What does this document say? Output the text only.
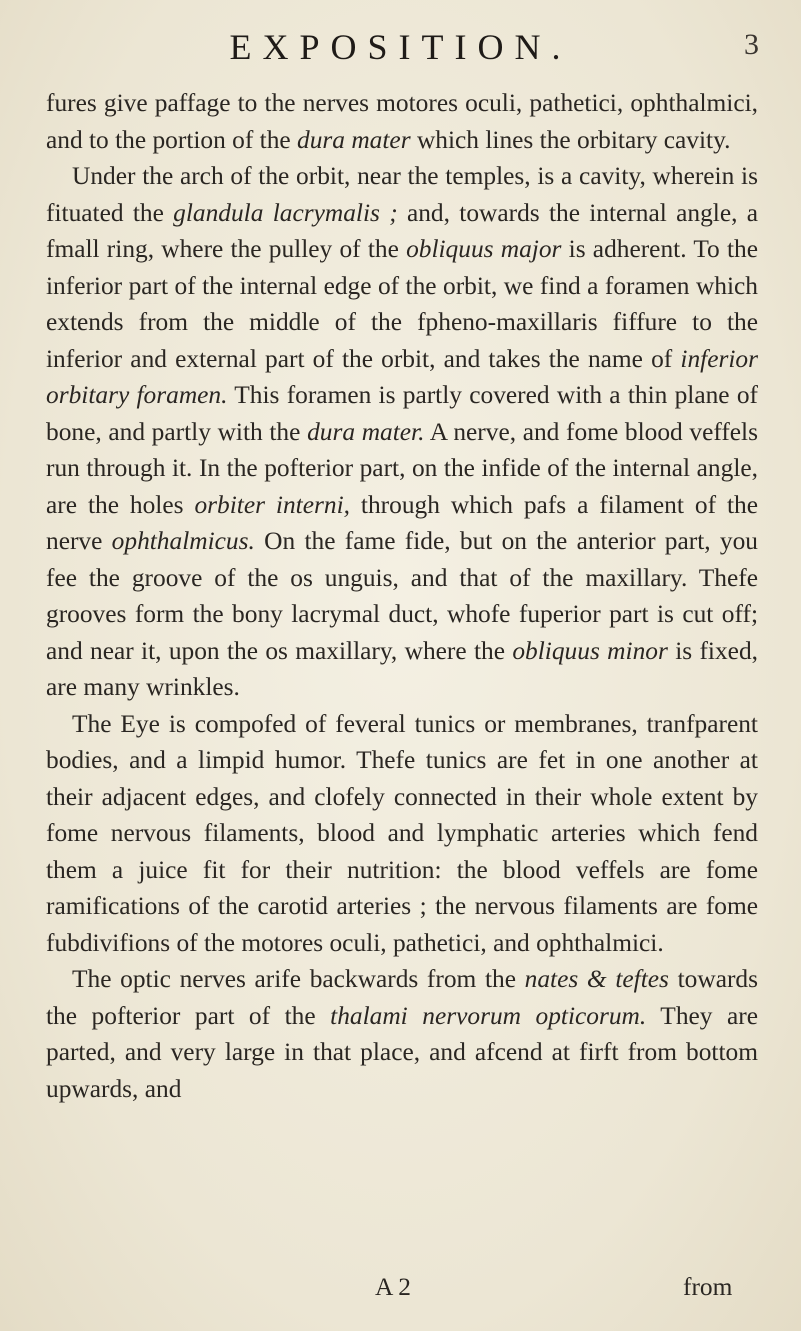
EXPOSITION.	3

fures give paffage to the nerves motores oculi, pathetici, ophthalmici, and to the portion of the dura mater which lines the orbitary cavity.

Under the arch of the orbit, near the temples, is a cavity, wherein is fituated the glandula lacrymalis ; and, towards the internal angle, a fmall ring, where the pulley of the obliquus major is adherent. To the inferior part of the internal edge of the orbit, we find a foramen which extends from the middle of the fpheno-maxillaris fiffure to the inferior and external part of the orbit, and takes the name of inferior orbitary foramen. This foramen is partly covered with a thin plane of bone, and partly with the dura mater. A nerve, and fome blood veffels run through it. In the pofterior part, on the infide of the internal angle, are the holes orbiter interni, through which pafs a filament of the nerve ophthalmicus. On the fame fide, but on the anterior part, you fee the groove of the os unguis, and that of the maxillary. Thefe grooves form the bony lacrymal duct, whofe fuperior part is cut off; and near it, upon the os maxillary, where the obliquus minor is fixed, are many wrinkles.

The Eye is compofed of feveral tunics or membranes, tranfparent bodies, and a limpid humor. Thefe tunics are fet in one another at their adjacent edges, and clofely connected in their whole extent by fome nervous filaments, blood and lymphatic arteries which fend them a juice fit for their nutrition: the blood veffels are fome ramifications of the carotid arteries ; the nervous filaments are fome fubdivifions of the motores oculi, pathetici, and ophthalmici.

The optic nerves arife backwards from the nates & teftes towards the pofterior part of the thalami nervorum opticorum. They are parted, and very large in that place, and afcend at firft from bottom upwards, and

A 2	from
